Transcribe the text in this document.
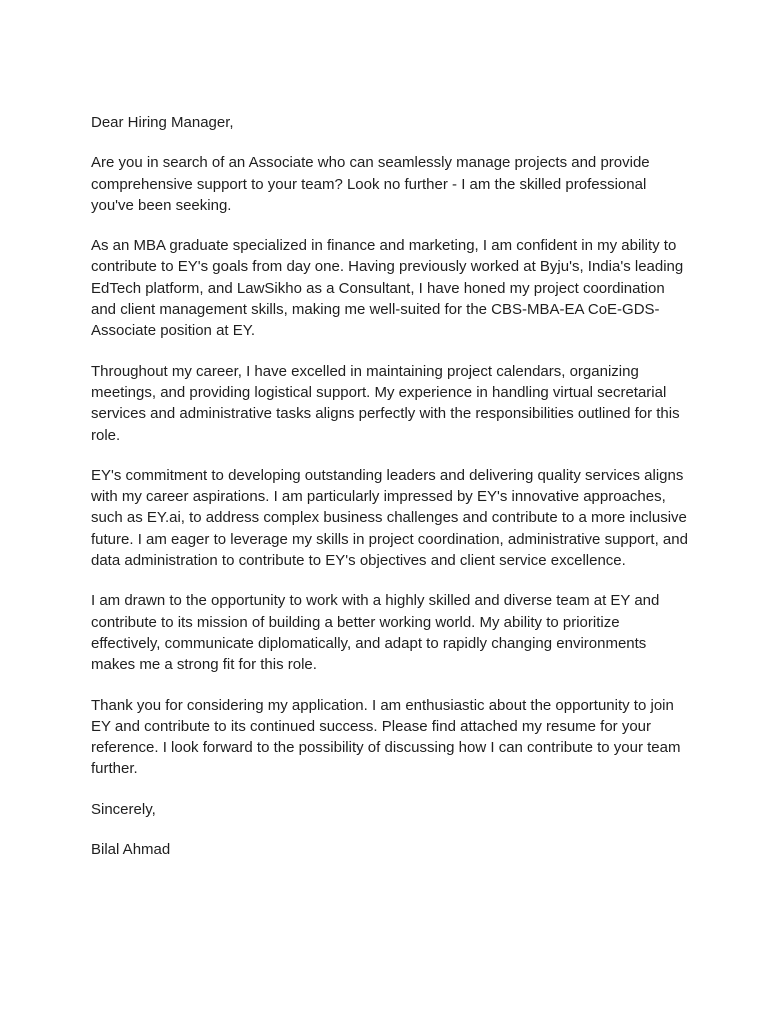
Dear Hiring Manager,

Are you in search of an Associate who can seamlessly manage projects and provide comprehensive support to your team? Look no further - I am the skilled professional you've been seeking.

As an MBA graduate specialized in finance and marketing, I am confident in my ability to contribute to EY's goals from day one. Having previously worked at Byju's, India's leading EdTech platform, and LawSikho as a Consultant, I have honed my project coordination and client management skills, making me well-suited for the CBS-MBA-EA CoE-GDS-Associate position at EY.

Throughout my career, I have excelled in maintaining project calendars, organizing meetings, and providing logistical support. My experience in handling virtual secretarial services and administrative tasks aligns perfectly with the responsibilities outlined for this role.

EY's commitment to developing outstanding leaders and delivering quality services aligns with my career aspirations. I am particularly impressed by EY's innovative approaches, such as EY.ai, to address complex business challenges and contribute to a more inclusive future. I am eager to leverage my skills in project coordination, administrative support, and data administration to contribute to EY's objectives and client service excellence.

I am drawn to the opportunity to work with a highly skilled and diverse team at EY and contribute to its mission of building a better working world. My ability to prioritize effectively, communicate diplomatically, and adapt to rapidly changing environments makes me a strong fit for this role.

Thank you for considering my application. I am enthusiastic about the opportunity to join EY and contribute to its continued success. Please find attached my resume for your reference. I look forward to the possibility of discussing how I can contribute to your team further.

Sincerely,

Bilal Ahmad
